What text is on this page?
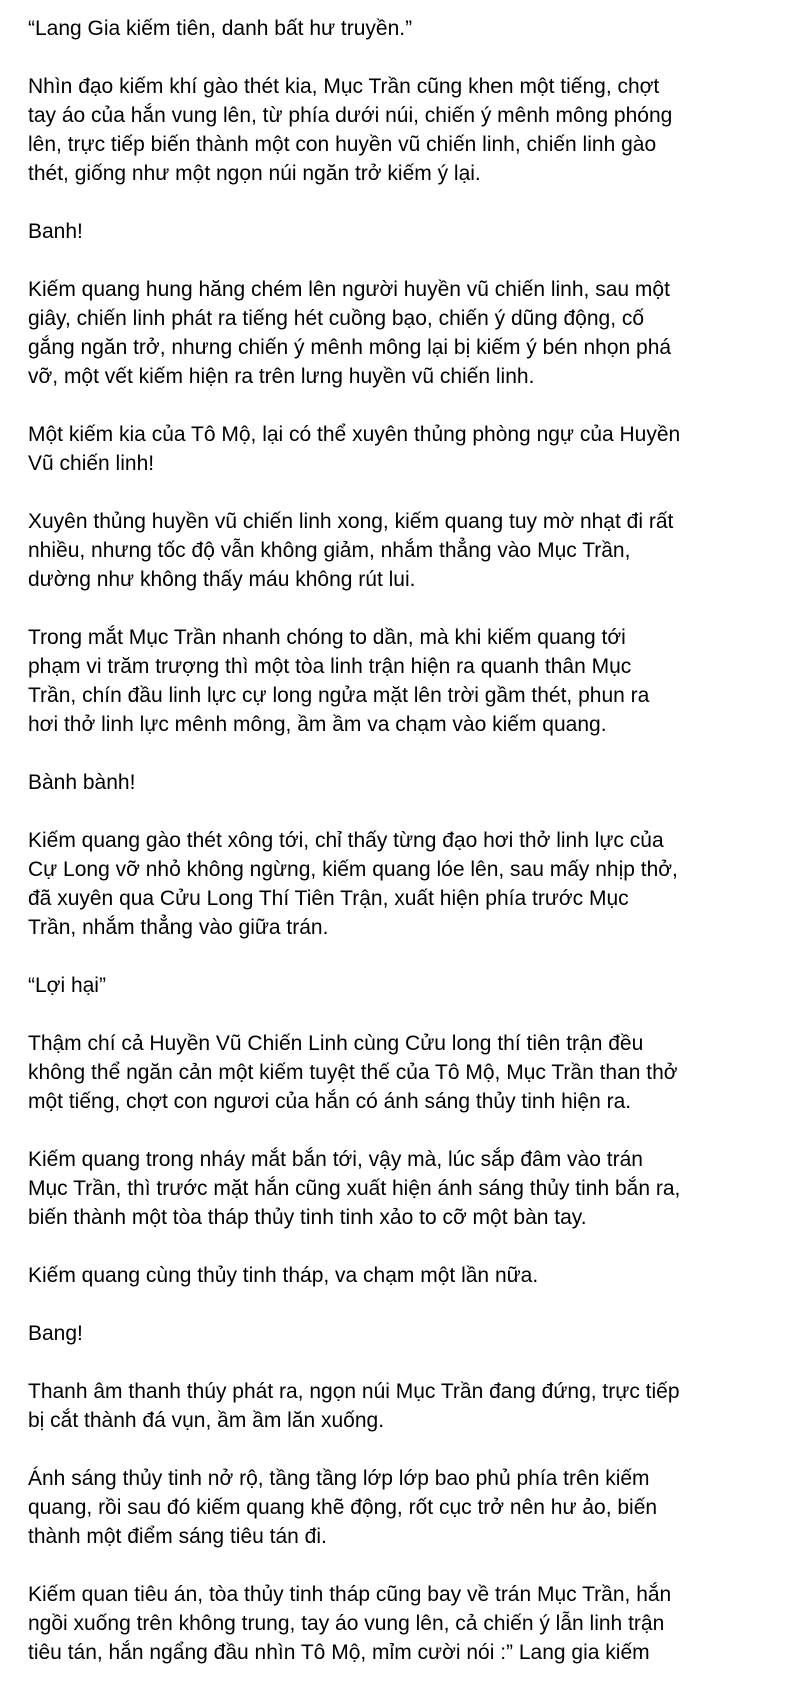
“Lang Gia kiếm tiên, danh bất hư truyền.”

Nhìn đạo kiếm khí gào thét kia, Mục Trần cũng khen một tiếng, chợt
tay áo của hắn vung lên, từ phía dưới núi, chiến ý mênh mông phóng
lên, trực tiếp biến thành một con huyền vũ chiến linh, chiến linh gào
thét, giống như một ngọn núi ngăn trở kiếm ý lại.

Banh!

Kiếm quang hung hăng chém lên người huyền vũ chiến linh, sau một
giây, chiến linh phát ra tiếng hét cuồng bạo, chiến ý dũng động, cố
gắng ngăn trở, nhưng chiến ý mênh mông lại bị kiếm ý bén nhọn phá
vỡ, một vết kiếm hiện ra trên lưng huyền vũ chiến linh.

Một kiếm kia của Tô Mộ, lại có thể xuyên thủng phòng ngự của Huyền
Vũ chiến linh!

Xuyên thủng huyền vũ chiến linh xong, kiếm quang tuy mờ nhạt đi rất
nhiều, nhưng tốc độ vẫn không giảm, nhắm thẳng vào Mục Trần,
dường như không thấy máu không rút lui.

Trong mắt Mục Trần nhanh chóng to dần, mà khi kiếm quang tới
phạm vi trăm trượng thì một tòa linh trận hiện ra quanh thân Mục
Trần, chín đầu linh lực cự long ngửa mặt lên trời gầm thét, phun ra
hơi thở linh lực mênh mông, ầm ầm va chạm vào kiếm quang.

Bành bành!

Kiếm quang gào thét xông tới, chỉ thấy từng đạo hơi thở linh lực của
Cự Long vỡ nhỏ không ngừng, kiếm quang lóe lên, sau mấy nhịp thở,
đã xuyên qua Cửu Long Thí Tiên Trận, xuất hiện phía trước Mục
Trần, nhắm thẳng vào giữa trán.

“Lợi hại”

Thậm chí cả Huyền Vũ Chiến Linh cùng Cửu long thí tiên trận đều
không thể ngăn cản một kiếm tuyệt thế của Tô Mộ, Mục Trần than thở
một tiếng, chợt con ngươi của hắn có ánh sáng thủy tinh hiện ra.

Kiếm quang trong nháy mắt bắn tới, vậy mà, lúc sắp đâm vào trán
Mục Trần, thì trước mặt hắn cũng xuất hiện ánh sáng thủy tinh bắn ra,
biến thành một tòa tháp thủy tinh tinh xảo to cỡ một bàn tay.

Kiếm quang cùng thủy tinh tháp, va chạm một lần nữa.

Bang!

Thanh âm thanh thúy phát ra, ngọn núi Mục Trần đang đứng, trực tiếp
bị cắt thành đá vụn, ầm ầm lăn xuống.

Ánh sáng thủy tinh nở rộ, tầng tầng lớp lớp bao phủ phía trên kiếm
quang, rồi sau đó kiếm quang khẽ động, rốt cục trở nên hư ảo, biến
thành một điểm sáng tiêu tán đi.

Kiếm quan tiêu án, tòa thủy tinh tháp cũng bay về trán Mục Trần, hắn
ngồi xuống trên không trung, tay áo vung lên, cả chiến ý lẫn linh trận
tiêu tán, hắn ngẩng đầu nhìn Tô Mộ, mỉm cười nói :” Lang gia kiếm
